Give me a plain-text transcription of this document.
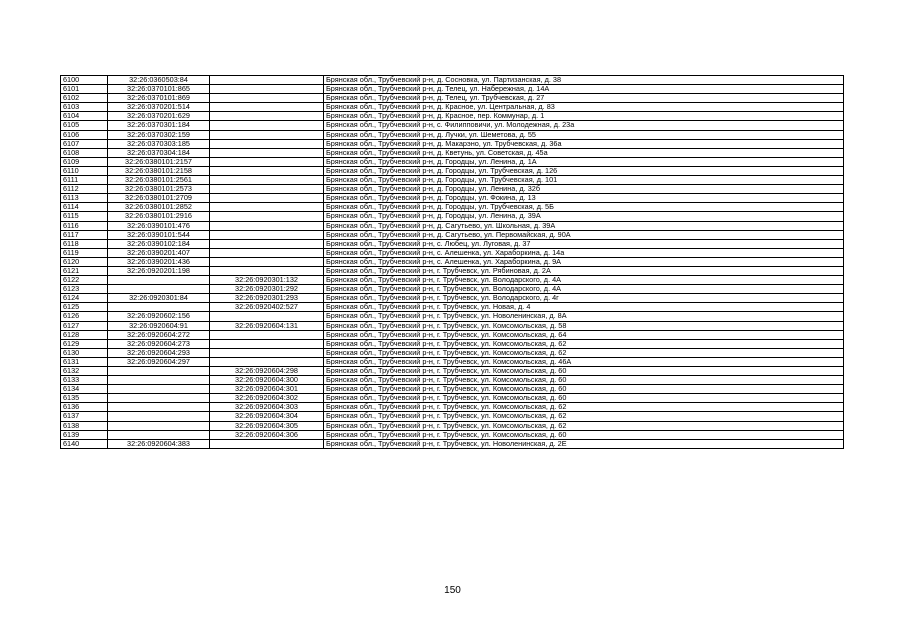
6100	32:26:0360503:84		Брянская обл., Трубчевский р-н, д. Сосновка, ул. Партизанская, д. 38
6101	32:26:0370101:865		Брянская обл., Трубчевский р-н, д. Телец, ул. Набережная, д. 14А
6102	32:26:0370101:869		Брянская обл., Трубчевский р-н, д. Телец, ул. Трубчевская, д. 27
6103	32:26:0370201:514		Брянская обл., Трубчевский р-н, д. Красное, ул. Центральная, д. 83
6104	32:26:0370201:629		Брянская обл., Трубчевский р-н, д. Красное, пер. Коммунар, д. 1
6105	32:26:0370301:184		Брянская обл., Трубчевский р-н, с. Филипповичи, ул. Молодежная, д. 23а
6106	32:26:0370302:159		Брянская обл., Трубчевский р-н, д. Лучки, ул. Шеметова, д. 55
6107	32:26:0370303:185		Брянская обл., Трубчевский р-н, д. Макарэно, ул. Трубчевская, д. 36а
6108	32:26:0370304:184		Брянская обл., Трубчевский р-н, д. Кветунь, ул. Советская, д. 45а
6109	32:26:0380101:2157		Брянская обл., Трубчевский р-н, д. Городцы, ул. Ленина, д. 1А
6110	32:26:0380101:2158		Брянская обл., Трубчевский р-н, д. Городцы, ул. Трубчевская, д. 126
6111	32:26:0380101:2561		Брянская обл., Трубчевский р-н, д. Городцы, ул. Трубчевская, д. 101
6112	32:26:0380101:2573		Брянская обл., Трубчевский р-н, д. Городцы, ул. Ленина, д. 32б
6113	32:26:0380101:2709		Брянская обл., Трубчевский р-н, д. Городцы, ул. Фокина, д. 13
6114	32:26:0380101:2852		Брянская обл., Трубчевский р-н, д. Городцы, ул. Трубчевская, д. 5Б
6115	32:26:0380101:2916		Брянская обл., Трубчевский р-н, д. Городцы, ул. Ленина, д. 39А
6116	32:26:0390101:476		Брянская обл., Трубчевский р-н, д. Сагутьево, ул. Школьная, д. 39А
6117	32:26:0390101:544		Брянская обл., Трубчевский р-н, д. Сагутьево, ул. Первомайская, д. 90А
6118	32:26:0390102:184		Брянская обл., Трубчевский р-н, с. Любец, ул. Луговая, д. 37
6119	32:26:0390201:407		Брянская обл., Трубчевский р-н, с. Алешенка, ул. Хараборкина, д. 14а
6120	32:26:0390201:436		Брянская обл., Трубчевский р-н, с. Алешенка, ул. Хараборкина, д. 9А
6121	32:26:0920201:198		Брянская обл., Трубчевский р-н, г. Трубчевск, ул. Рябиновая, д. 2А
6122		32:26:0920301:132	Брянская обл., Трубчевский р-н, г. Трубчевск, ул. Володарского, д. 4А
6123		32:26:0920301:292	Брянская обл., Трубчевский р-н, г. Трубчевск, ул. Володарского, д. 4А
6124	32:26:0920301:84	32:26:0920301:293	Брянская обл., Трубчевский р-н, г. Трубчевск, ул. Володарского, д. 4г
6125		32:26:0920402:527	Брянская обл., Трубчевский р-н, г. Трубчевск, ул. Новая, д. 4
6126	32:26:0920602:156		Брянская обл., Трубчевский р-н, г. Трубчевск, ул. Новоленинская, д. 8А
6127	32:26:0920604:91	32:26:0920604:131	Брянская обл., Трубчевский р-н, г. Трубчевск, ул. Комсомольская, д. 58
6128	32:26:0920604:272		Брянская обл., Трубчевский р-н, г. Трубчевск, ул. Комсомольская, д. 64
6129	32:26:0920604:273		Брянская обл., Трубчевский р-н, г. Трубчевск, ул. Комсомольская, д. 62
6130	32:26:0920604:293		Брянская обл., Трубчевский р-н, г. Трубчевск, ул. Комсомольская, д. 62
6131	32:26:0920604:297		Брянская обл., Трубчевский р-н, г. Трубчевск, ул. Комсомольская, д. 46А
6132		32:26:0920604:298	Брянская обл., Трубчевский р-н, г. Трубчевск, ул. Комсомольская, д. 60
6133		32:26:0920604:300	Брянская обл., Трубчевский р-н, г. Трубчевск, ул. Комсомольская, д. 60
6134		32:26:0920604:301	Брянская обл., Трубчевский р-н, г. Трубчевск, ул. Комсомольская, д. 60
6135		32:26:0920604:302	Брянская обл., Трубчевский р-н, г. Трубчевск, ул. Комсомольская, д. 60
6136		32:26:0920604:303	Брянская обл., Трубчевский р-н, г. Трубчевск, ул. Комсомольская, д. 62
6137		32:26:0920604:304	Брянская обл., Трубчевский р-н, г. Трубчевск, ул. Комсомольская, д. 62
6138		32:26:0920604:305	Брянская обл., Трубчевский р-н, г. Трубчевск, ул. Комсомольская, д. 62
6139		32:26:0920604:306	Брянская обл., Трубчевский р-н, г. Трубчевск, ул. Комсомольская, д. 60
6140	32:26:0920604:383		Брянская обл., Трубчевский р-н, г. Трубчевск, ул. Новоленинская, д. 2Е
150
